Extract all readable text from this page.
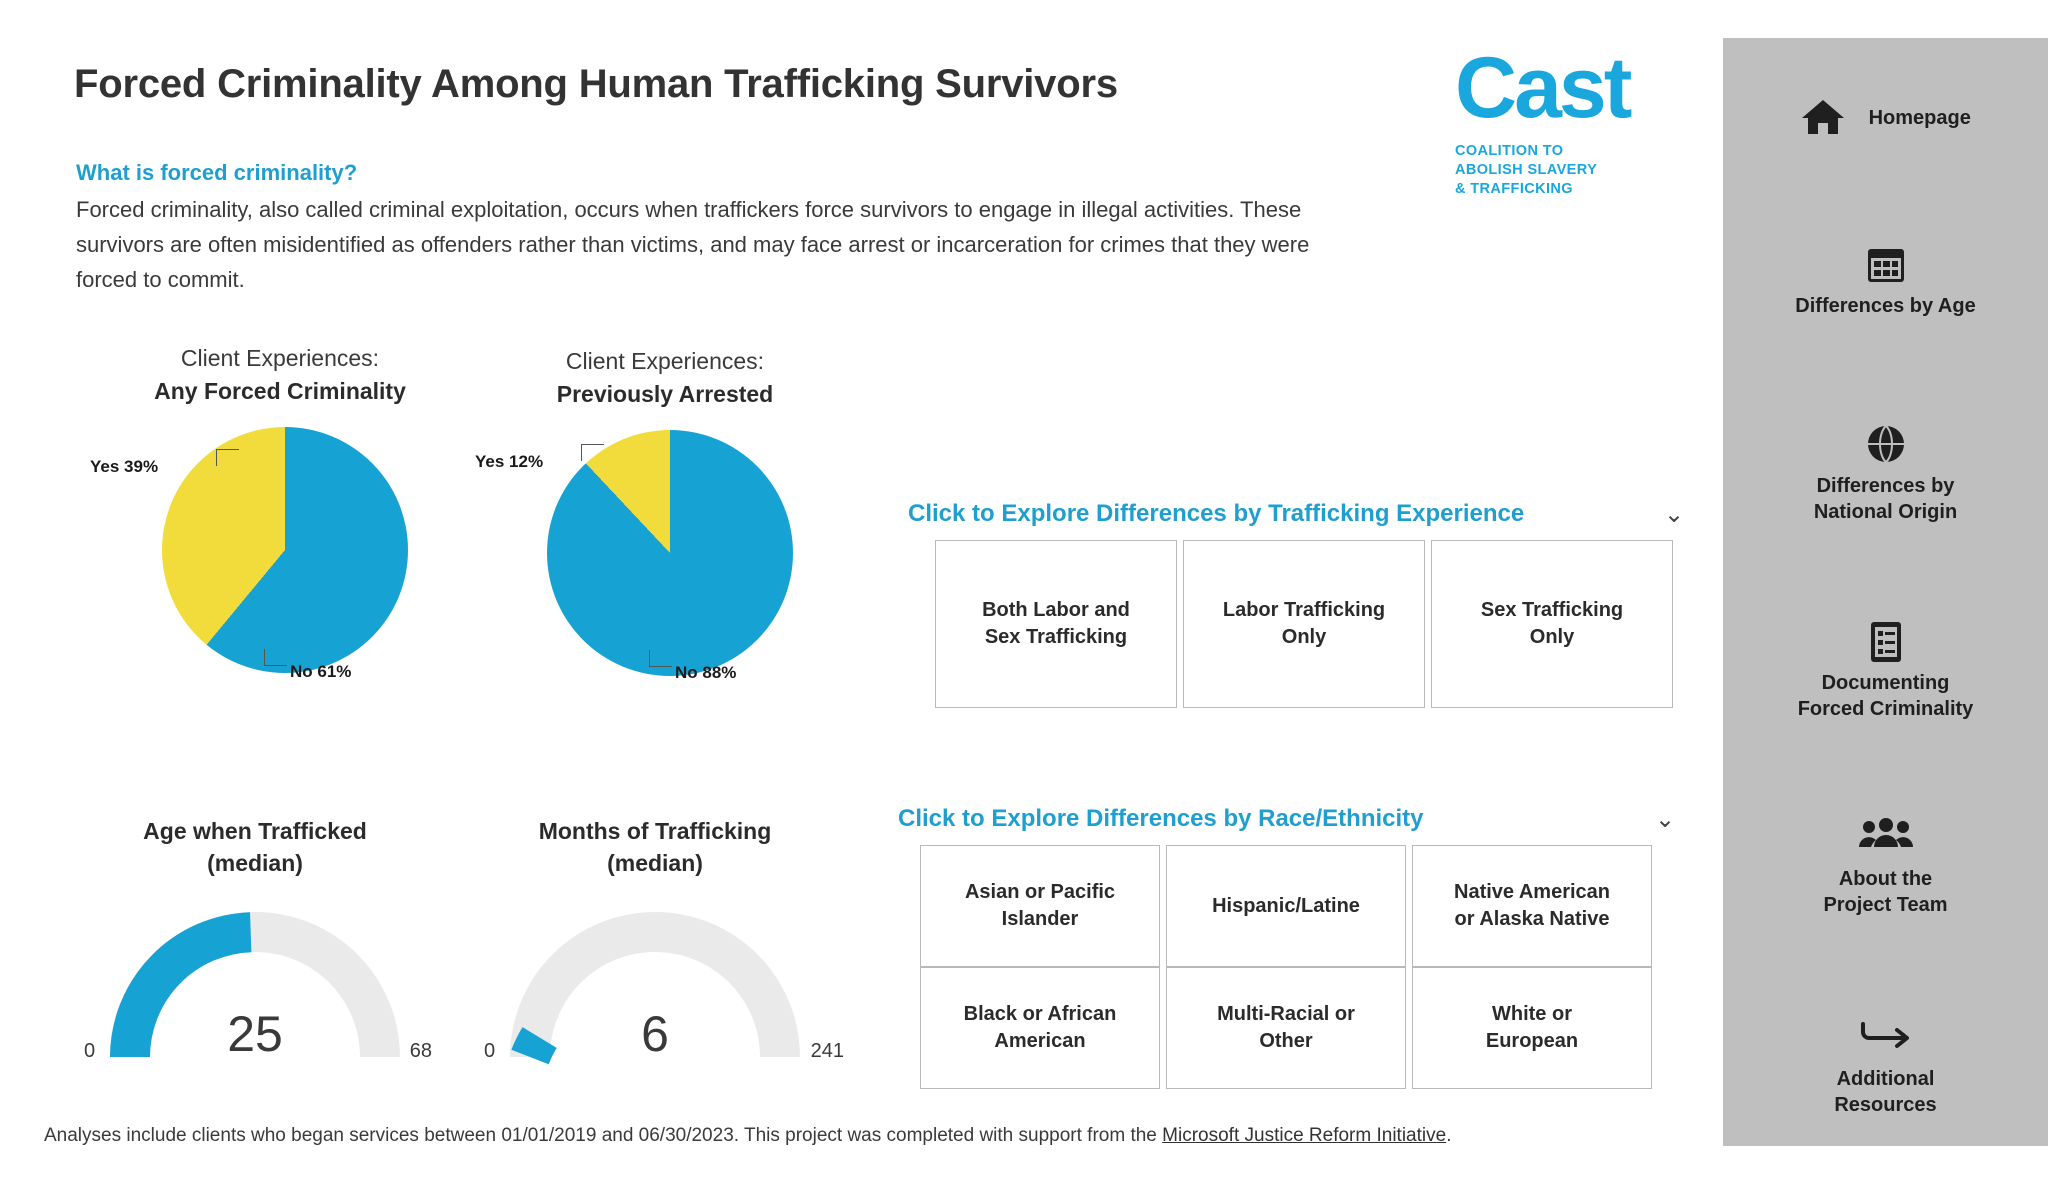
Forced Criminality Among Human Trafficking Survivors
What is forced criminality?
Forced criminality, also called criminal exploitation, occurs when traffickers force survivors to engage in illegal activities. These survivors are often misidentified as offenders rather than victims, and may face arrest or incarceration for crimes that they were forced to commit.
Cast
COALITION TO
ABOLISH SLAVERY
& TRAFFICKING
Client Experiences:
Any Forced Criminality
Yes 39%
No 61%
Client Experiences:
Previously Arrested
Yes 12%
No 88%
Age when Trafficked
(median)
25
0	68
Months of Trafficking
(median)
6
0	241
Click to Explore Differences by Trafficking Experience	⌄
Both Labor and
Sex Trafficking
Labor Trafficking
Only
Sex Trafficking
Only
Click to Explore Differences by Race/Ethnicity	⌄
Asian or Pacific
Islander
Hispanic/Latine
Native American
or Alaska Native
Black or African
American
Multi-Racial or
Other
White or
European
Analyses include clients who began services between 01/01/2019 and 06/30/2023. This project was completed with support from the Microsoft Justice Reform Initiative.
Homepage
Differences by Age
Differences by
National Origin
Documenting
Forced Criminality
About the
Project Team
Additional
Resources
